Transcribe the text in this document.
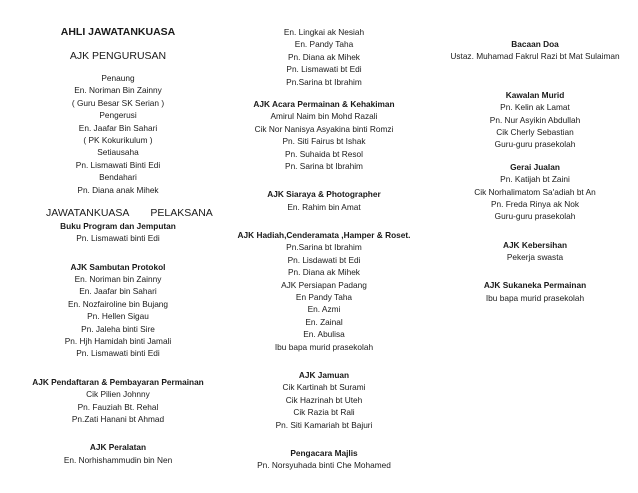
AHLI JAWATANKUASA
AJK PENGURUSAN
Penaung
En. Noriman Bin Zainny
( Guru Besar SK Serian )
Pengerusi
En. Jaafar Bin Sahari
( PK Kokurikulum )
Setiausaha
Pn. Lismawati Binti Edi
Bendahari
Pn. Diana anak Mihek
JAWATANKUASA PELAKSANA
Buku Program dan Jemputan
Pn. Lismawati binti Edi
AJK Sambutan Protokol
En. Noriman bin Zainny
En. Jaafar bin Sahari
En. Nozfairoline bin Bujang
Pn. Hellen Sigau
Pn. Jaleha binti Sire
Pn. Hjh Hamidah binti Jamali
Pn. Lismawati binti Edi
AJK Pendaftaran & Pembayaran Permainan
Cik Pilien Johnny
Pn. Fauziah Bt. Rehal
Pn.Zati Hanani bt Ahmad
AJK Peralatan
En. Norhishammudin bin Nen
En. Lingkai ak Nesiah
En. Pandy Taha
Pn. Diana ak Mihek
Pn. Lismawati bt Edi
Pn.Sarina bt Ibrahim
AJK Acara Permainan & Kehakiman
Amirul Naim bin Mohd Razali
Cik Nor Nanisya Asyakina binti Romzi
Pn. Siti Fairus bt Ishak
Pn. Suhaida bt Resol
Pn. Sarina bt Ibrahim
AJK Siaraya & Photographer
En. Rahim bin Amat
AJK Hadiah,Cenderamata ,Hamper & Roset.
Pn.Sarina bt Ibrahim
Pn. Lisdawati bt Edi
Pn. Diana ak Mihek
AJK Persiapan Padang
En Pandy Taha
En. Azmi
En. Zainal
En. Abulisa
Ibu bapa murid prasekolah
AJK Jamuan
Cik Kartinah bt Surami
Cik Hazrinah bt Uteh
Cik Razia bt Rali
Pn. Siti Kamariah bt Bajuri
Pengacara Majlis
Pn. Norsyuhada binti Che Mohamed
Bacaan Doa
Ustaz. Muhamad Fakrul Razi bt Mat Sulaiman
Kawalan Murid
Pn. Kelin ak Lamat
Pn. Nur Asyikin Abdullah
Cik Cherly Sebastian
Guru-guru prasekolah
Gerai Jualan
Pn. Katijah bt Zaini
Cik Norhalimatom Sa'adiah bt An
Pn. Freda Rinya ak Nok
Guru-guru prasekolah
AJK Kebersihan
Pekerja swasta
AJK Sukaneka Permainan
Ibu bapa murid prasekolah
